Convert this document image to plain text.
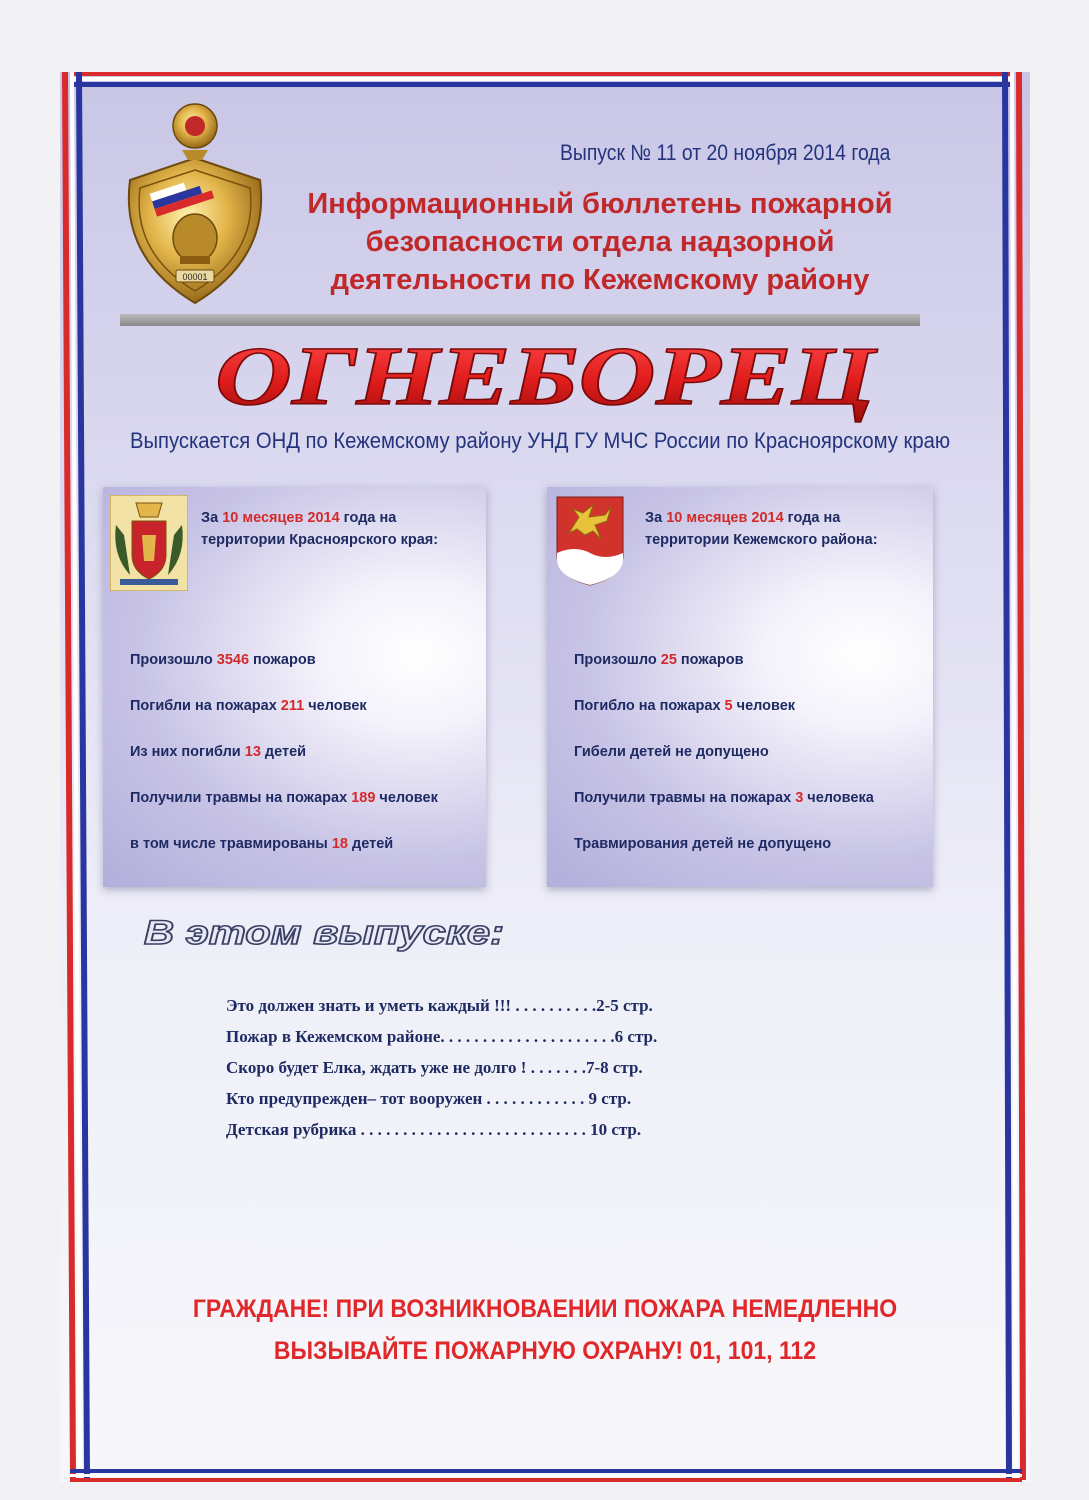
00001
Выпуск № 11 от 20 ноября 2014 года
Информационный бюллетень пожарной
безопасности отдела надзорной
деятельности по Кежемскому району
ОГНЕБОРЕЦ
Выпускается ОНД по Кежемскому району УНД ГУ МЧС России по Красноярскому краю
За 10 месяцев 2014 года на
территории Красноярского края:
Произошло 3546 пожаров
Погибли на пожарах 211 человек
Из них погибли 13 детей
Получили травмы на пожарах 189 человек
в том числе травмированы 18 детей
За 10 месяцев 2014 года на
территории Кежемского района:
Произошло 25 пожаров
Погибло на пожарах 5 человек
Гибели детей не допущено
Получили травмы на пожарах 3 человека
Травмирования детей не допущено
В этом выпуске:
Это должен знать и уметь каждый !!! . . . . . . . . . .2-5 стр.
Пожар в Кежемском районе. . . . . . . . . . . . . . . . . . . . .6 стр.
Скоро будет Елка, ждать уже не долго ! . . . . . . .7-8 стр.
Кто предупрежден– тот вооружен . . . . . . . . . . . . 9 стр.
Детская рубрика . . . . . . . . . . . . . . . . . . . . . . . . . . . 10 стр.
ГРАЖДАНЕ! ПРИ ВОЗНИКНОВАЕНИИ ПОЖАРА НЕМЕДЛЕННО
ВЫЗЫВАЙТЕ ПОЖАРНУЮ ОХРАНУ! 01, 101, 112
